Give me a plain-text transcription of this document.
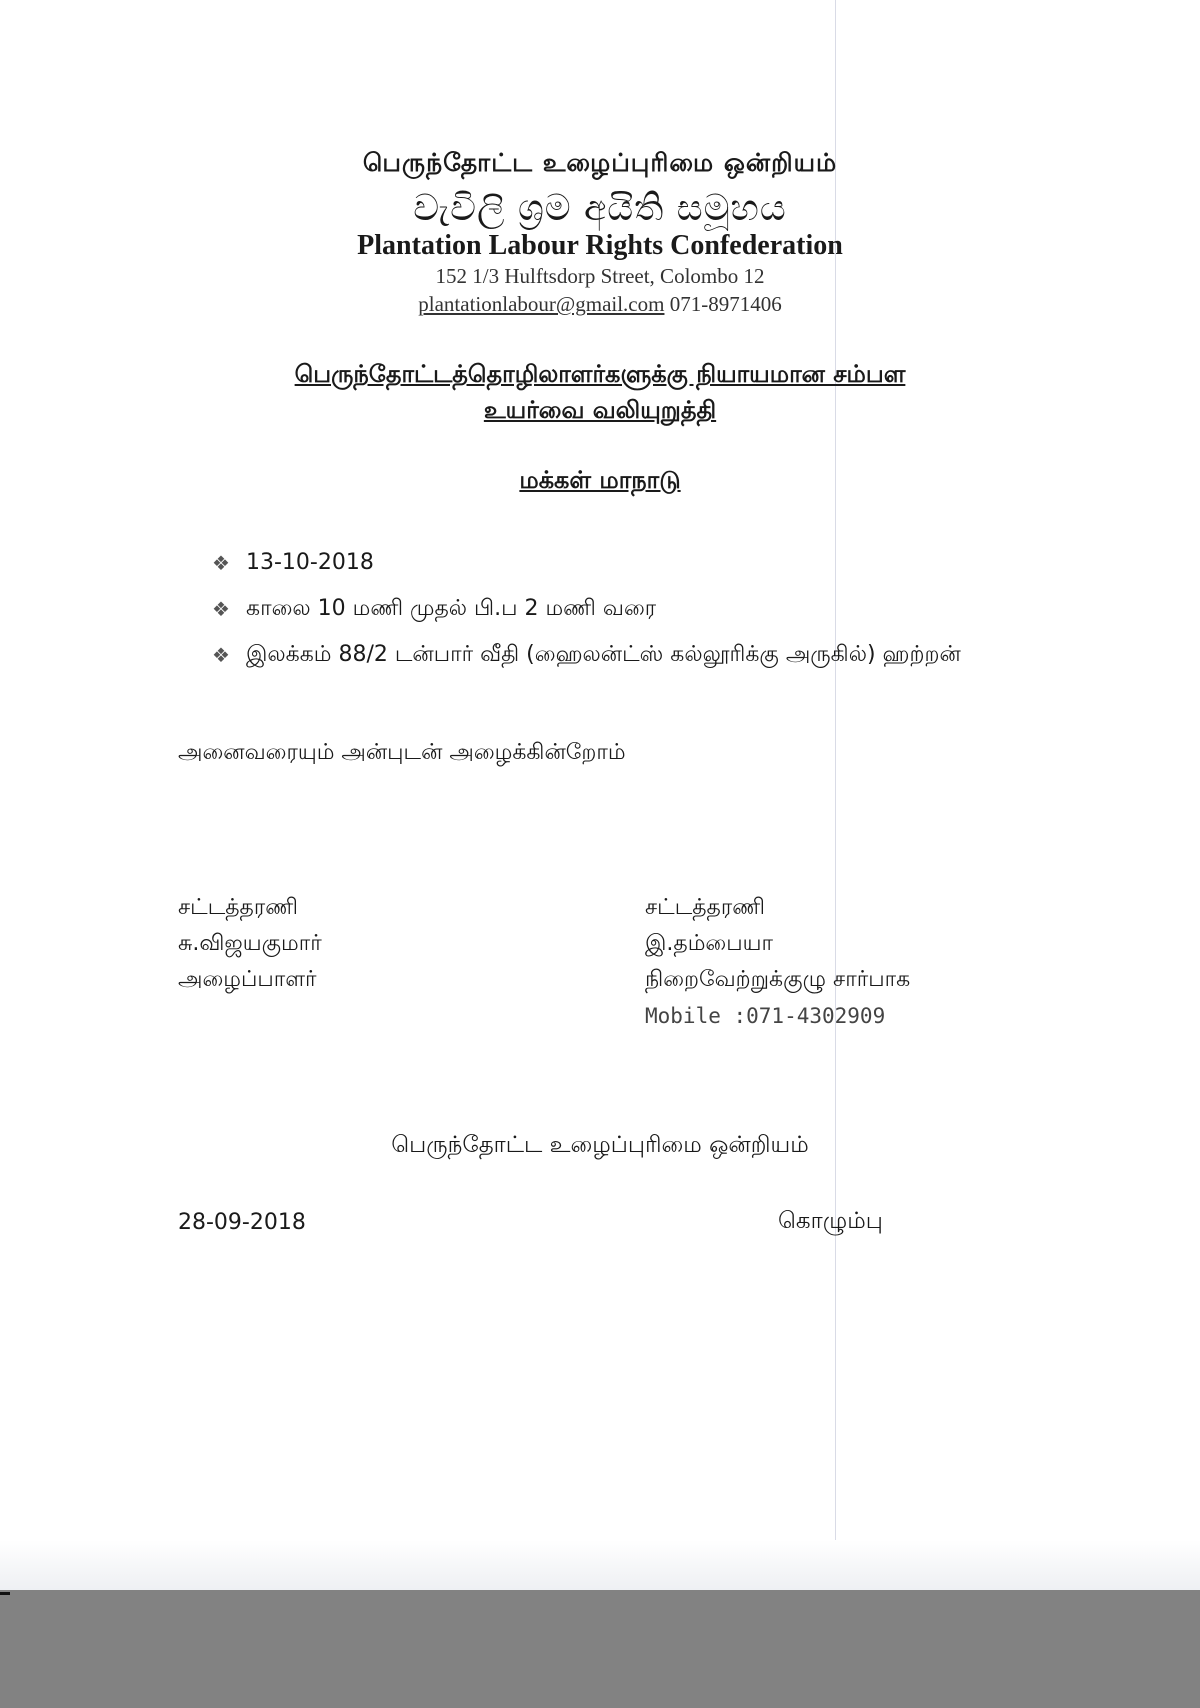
பெருந்தோட்ட உழைப்புரிமை ஒன்றியம்
වැවිලි ශ්‍රම අයිති සමූහය
Plantation Labour Rights Confederation
152 1/3 Hulftsdorp Street, Colombo 12
plantationlabour@gmail.com 071-8971406
பெருந்தோட்டத்தொழிலாளர்களுக்கு நியாயமான சம்பள
உயர்வை வலியுறுத்தி
மக்கள் மாநாடு
❖ 13-10-2018
❖ காலை 10 மணி முதல் பி.ப 2 மணி வரை
❖ இலக்கம் 88/2 டன்பார் வீதி (ஹைலன்ட்ஸ் கல்லூரிக்கு அருகில்) ஹற்றன்
அனைவரையும் அன்புடன் அழைக்கின்றோம்
சட்டத்தரணி
சு.விஜயகுமார்
அழைப்பாளர்
சட்டத்தரணி
இ.தம்பையா
நிறைவேற்றுக்குழு சார்பாக
Mobile :071-4302909
பெருந்தோட்ட உழைப்புரிமை ஒன்றியம்
28-09-2018	கொழும்பு
